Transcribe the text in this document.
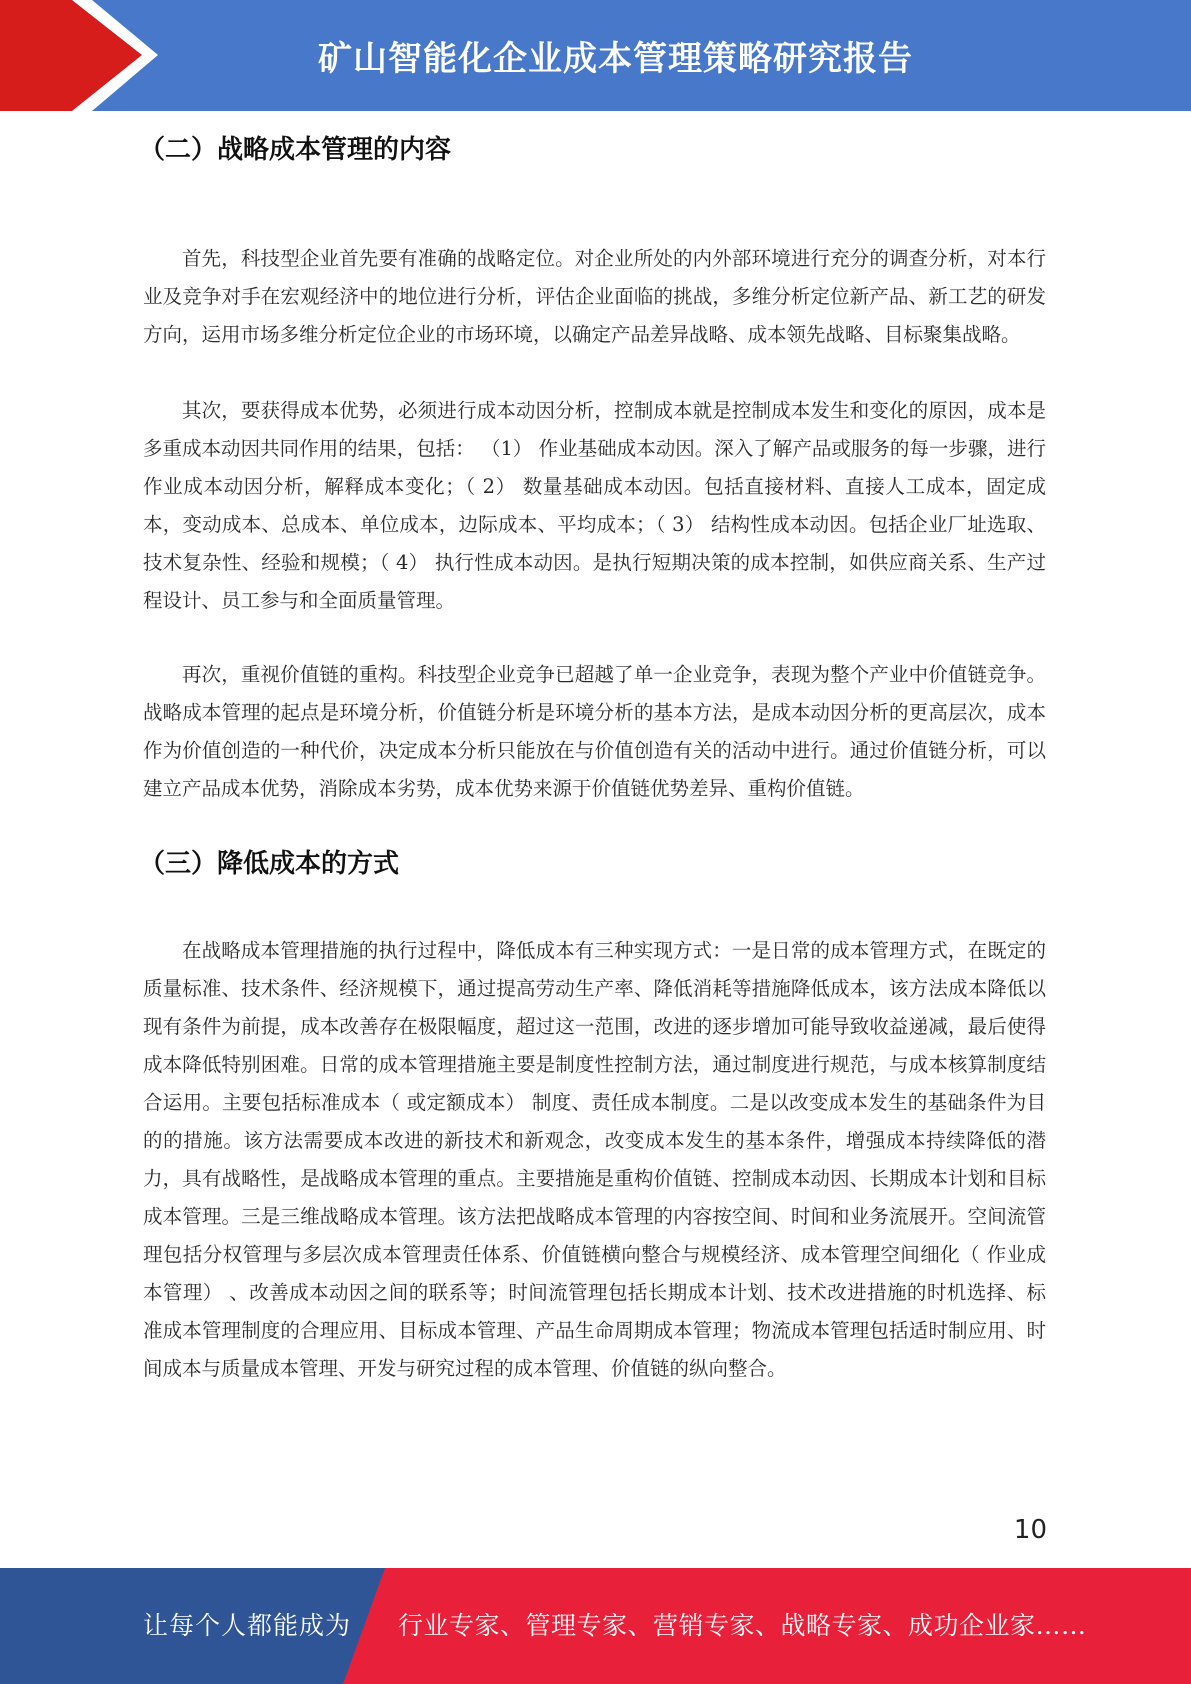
矿山智能化企业成本管理策略研究报告
（二）战略成本管理的内容

首先，科技型企业首先要有准确的战略定位。对企业所处的内外部环境进行充分的调查分析，对本行业及竞争对手在宏观经济中的地位进行分析，评估企业面临的挑战，多维分析定位新产品、新工艺的研发方向，运用市场多维分析定位企业的市场环境，以确定产品差异战略、成本领先战略、目标聚集战略。

其次，要获得成本优势，必须进行成本动因分析，控制成本就是控制成本发生和变化的原因，成本是多重成本动因共同作用的结果，包括： （1） 作业基础成本动因。深入了解产品或服务的每一步骤，进行作业成本动因分析，解释成本变化；（ 2） 数量基础成本动因。包括直接材料、直接人工成本，固定成本，变动成本、总成本、单位成本，边际成本、平均成本；（ 3） 结构性成本动因。包括企业厂址选取、技术复杂性、经验和规模；（ 4） 执行性成本动因。是执行短期决策的成本控制，如供应商关系、生产过程设计、员工参与和全面质量管理。

再次，重视价值链的重构。科技型企业竞争已超越了单一企业竞争，表现为整个产业中价值链竞争。战略成本管理的起点是环境分析，价值链分析是环境分析的基本方法，是成本动因分析的更高层次，成本作为价值创造的一种代价，决定成本分析只能放在与价值创造有关的活动中进行。通过价值链分析，可以建立产品成本优势，消除成本劣势，成本优势来源于价值链优势差异、重构价值链。

（三）降低成本的方式

在战略成本管理措施的执行过程中，降低成本有三种实现方式：一是日常的成本管理方式，在既定的质量标准、技术条件、经济规模下，通过提高劳动生产率、降低消耗等措施降低成本，该方法成本降低以现有条件为前提，成本改善存在极限幅度，超过这一范围，改进的逐步增加可能导致收益递减，最后使得成本降低特别困难。日常的成本管理措施主要是制度性控制方法，通过制度进行规范，与成本核算制度结合运用。主要包括标准成本（ 或定额成本） 制度、责任成本制度。二是以改变成本发生的基础条件为目的的措施。该方法需要成本改进的新技术和新观念，改变成本发生的基本条件，增强成本持续降低的潜力，具有战略性，是战略成本管理的重点。主要措施是重构价值链、控制成本动因、长期成本计划和目标成本管理。三是三维战略成本管理。该方法把战略成本管理的内容按空间、时间和业务流展开。空间流管理包括分权管理与多层次成本管理责任体系、价值链横向整合与规模经济、成本管理空间细化（ 作业成本管理） 、改善成本动因之间的联系等；时间流管理包括长期成本计划、技术改进措施的时机选择、标准成本管理制度的合理应用、目标成本管理、产品生命周期成本管理；物流成本管理包括适时制应用、时间成本与质量成本管理、开发与研究过程的成本管理、价值链的纵向整合。

10
让每个人都能成为 行业专家、管理专家、营销专家、战略专家、成功企业家……
